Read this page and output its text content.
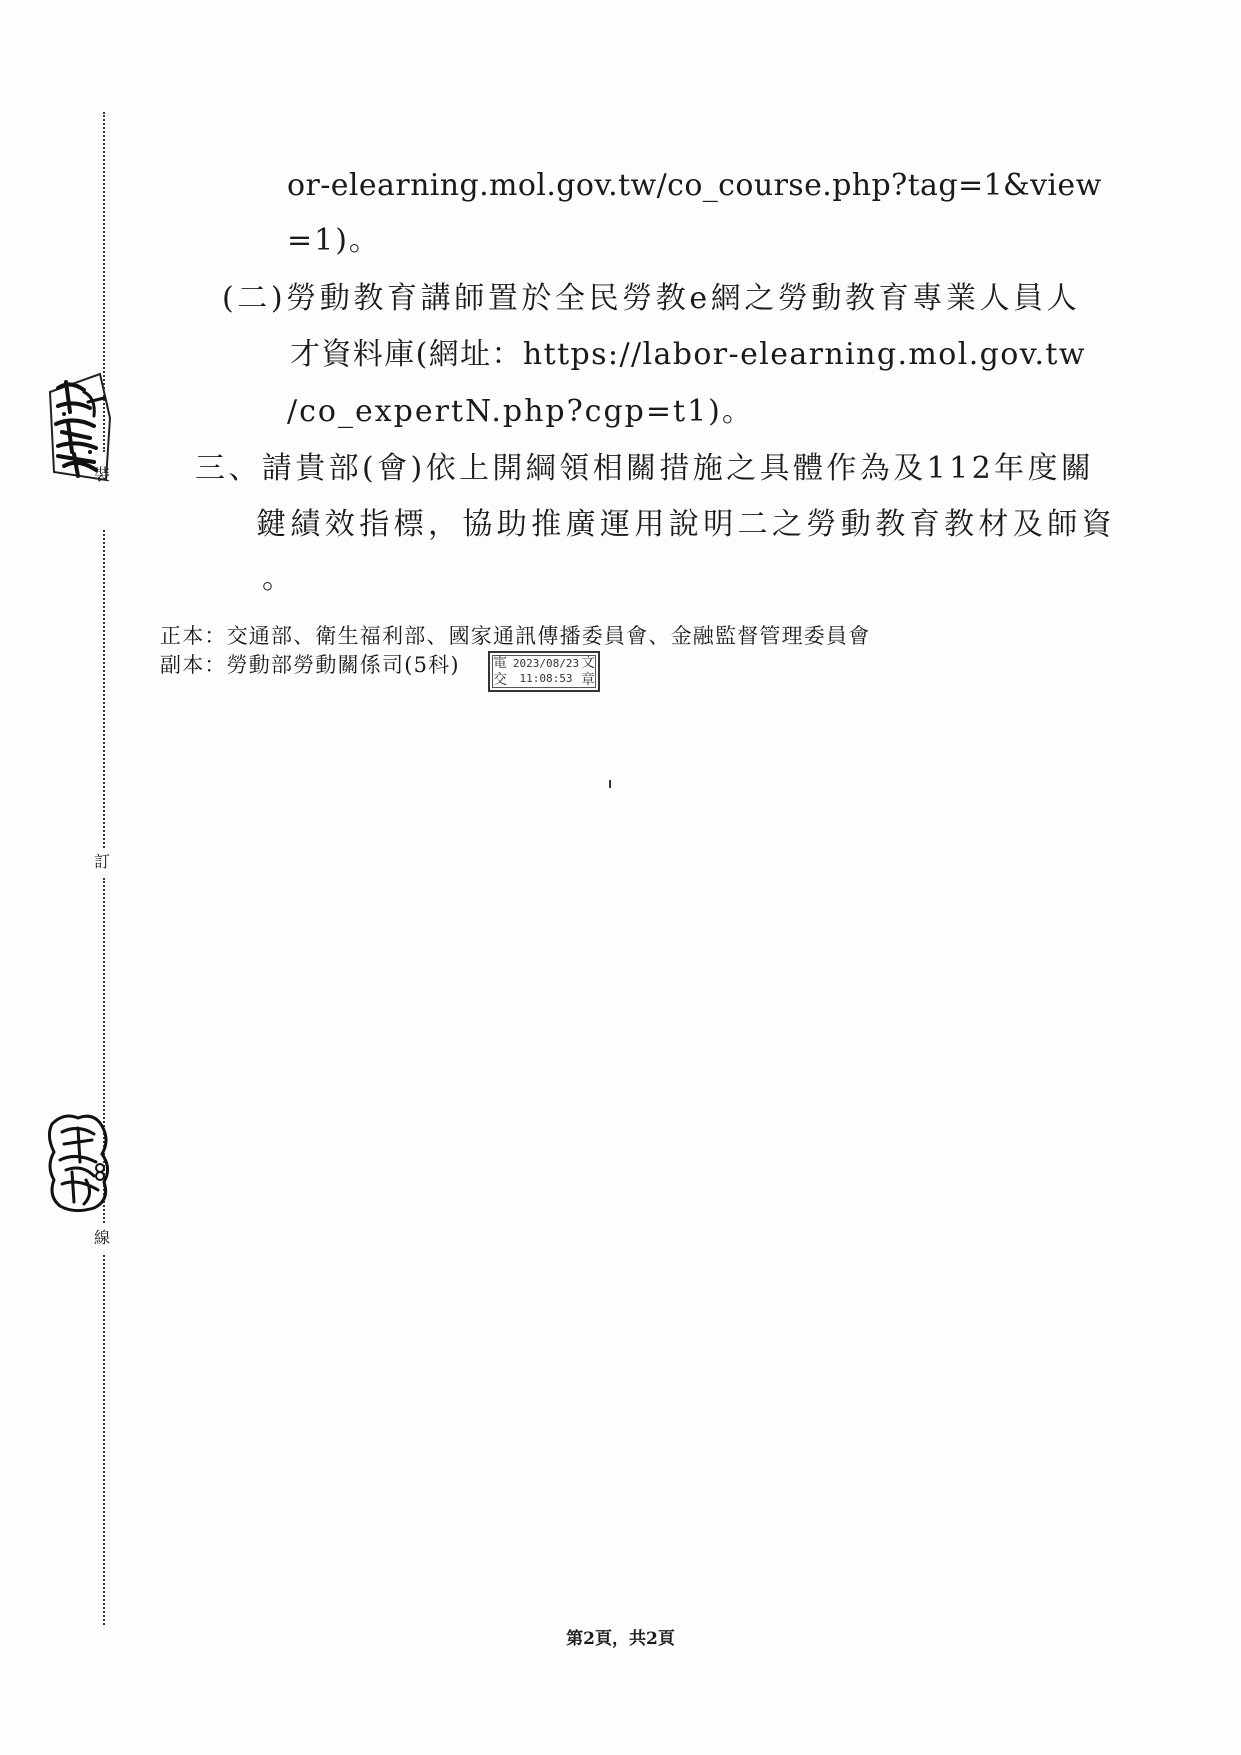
裝
訂
線
or-elearning.mol.gov.tw/co_course.php?tag=1&view
=1)。
(二)勞動教育講師置於全民勞教e網之勞動教育專業人員人
才資料庫(網址：https://labor-elearning.mol.gov.tw
/co_expertN.php?cgp=t1)。
三、請貴部(會)依上開綱領相關措施之具體作為及112年度關
鍵績效指標，協助推廣運用說明二之勞動教育教材及師資
。
正本：交通部、衛生福利部、國家通訊傳播委員會、金融監督管理委員會
副本：勞動部勞動關係司(5科) 電
交
文
章
2023/08/23
11:08:53
第2頁，共2頁
